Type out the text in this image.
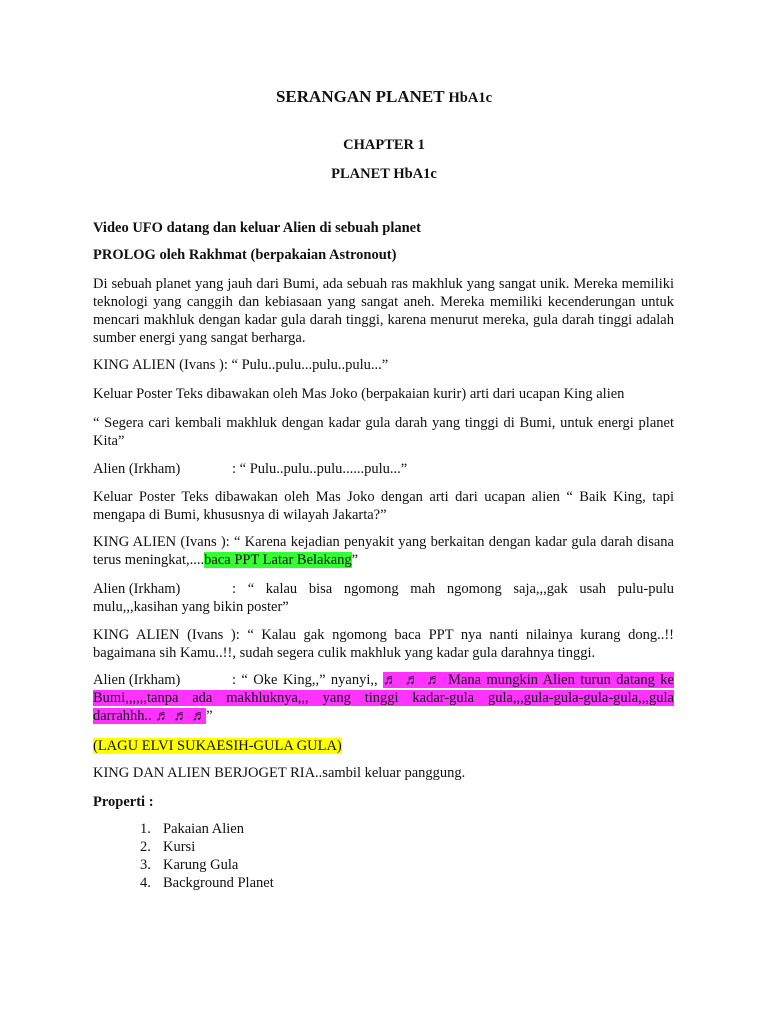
SERANGAN PLANET HbA1c
CHAPTER 1
PLANET HbA1c
Video UFO datang dan keluar Alien di sebuah planet
PROLOG oleh Rakhmat (berpakaian Astronout)
Di sebuah planet yang jauh dari Bumi, ada sebuah ras makhluk yang sangat unik. Mereka memiliki teknologi yang canggih dan kebiasaan yang sangat aneh. Mereka memiliki kecenderungan untuk mencari makhluk dengan kadar gula darah tinggi, karena menurut mereka, gula darah tinggi adalah sumber energi yang sangat berharga.
KING ALIEN (Ivans ): “ Pulu..pulu...pulu..pulu...”
Keluar Poster Teks dibawakan oleh Mas Joko (berpakaian kurir) arti dari ucapan King alien
“ Segera cari kembali makhluk dengan kadar gula darah yang tinggi di Bumi, untuk energi planet Kita”
Alien (Irkham)	: “ Pulu..pulu..pulu......pulu...”
Keluar Poster Teks dibawakan oleh Mas Joko dengan arti dari ucapan alien “ Baik King, tapi mengapa di Bumi, khususnya di wilayah Jakarta?”
KING ALIEN (Ivans ): “ Karena kejadian penyakit yang berkaitan dengan kadar gula darah disana terus meningkat,....baca PPT Latar Belakang”
Alien (Irkham)	: “ kalau bisa ngomong mah ngomong saja,,,gak usah pulu-pulu mulu,,,kasihan yang bikin poster”
KING ALIEN (Ivans ): “ Kalau gak ngomong baca PPT nya nanti nilainya kurang dong..!! bagaimana sih Kamu..!!, sudah segera culik makhluk yang kadar gula darahnya tinggi.
Alien (Irkham)	: “ Oke King,,” nyanyi,, ♬ ♬ ♬ Mana mungkin Alien turun datang ke Bumi,,,,,,tanpa ada makhluknya,,, yang tinggi kadar-gula gula,,,gula-gula-gula-gula,,,gula darrahhh.. ♬ ♬ ♬”
(LAGU ELVI SUKAESIH-GULA GULA)
KING DAN ALIEN BERJOGET RIA..sambil keluar panggung.
Properti :
1. Pakaian Alien
2. Kursi
3. Karung Gula
4. Background Planet
